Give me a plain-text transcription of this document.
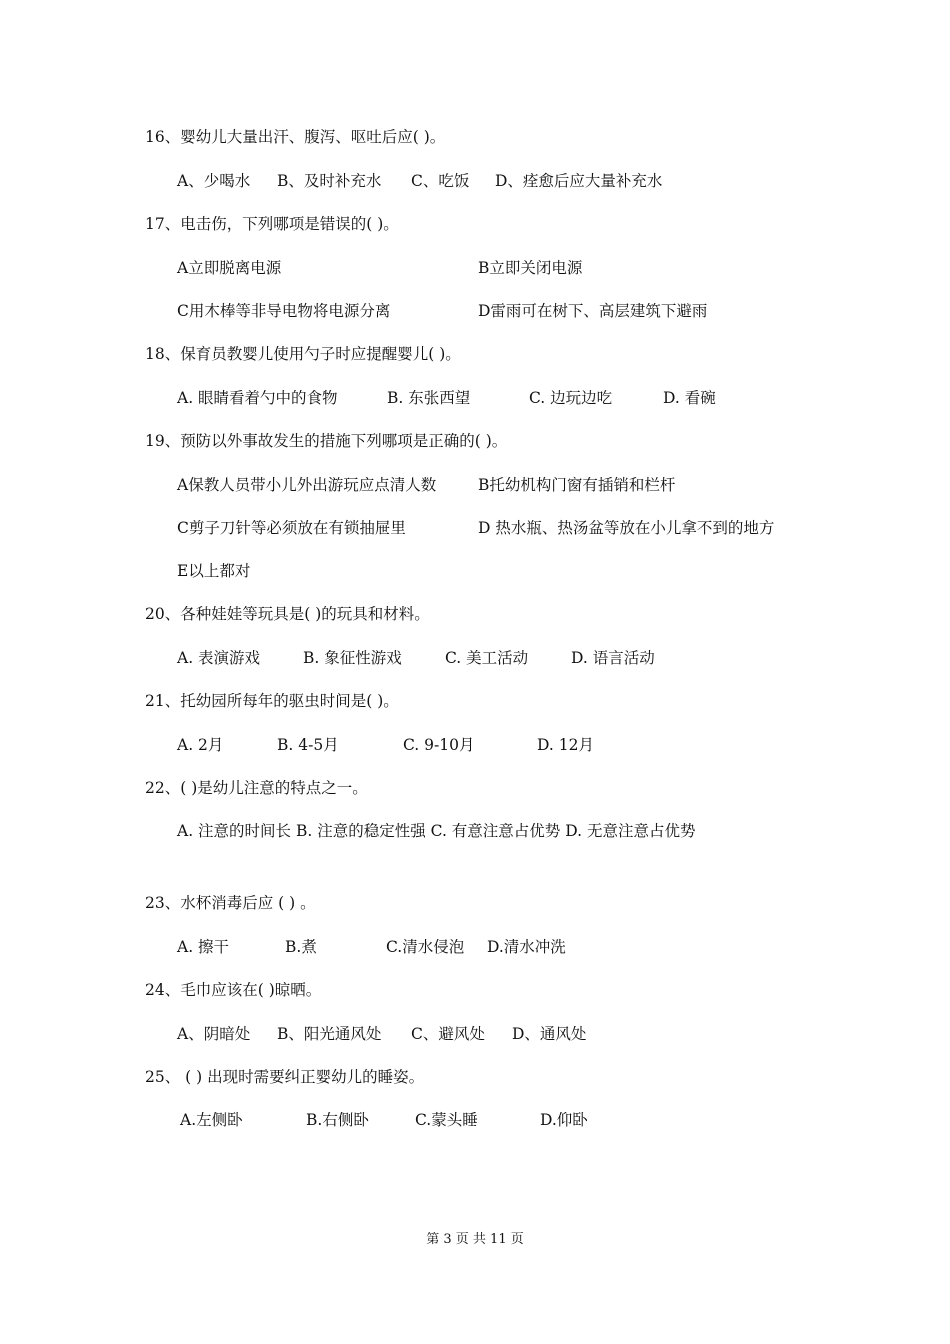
16、婴幼儿大量出汗、腹泻、呕吐后应( )。
A、少喝水 B、及时补充水 C、吃饭 D、痊愈后应大量补充水
17、电击伤，下列哪项是错误的( )。
A立即脱离电源	B立即关闭电源
C用木棒等非导电物将电源分离	D雷雨可在树下、高层建筑下避雨
18、保育员教婴儿使用勺子时应提醒婴儿( )。
A. 眼睛看着勺中的食物	B. 东张西望	C. 边玩边吃	D. 看碗
19、预防以外事故发生的措施下列哪项是正确的( )。
A保教人员带小儿外出游玩应点清人数	B托幼机构门窗有插销和栏杆
C剪子刀针等必须放在有锁抽屉里	D 热水瓶、热汤盆等放在小儿拿不到的地方
E以上都对
20、各种娃娃等玩具是( )的玩具和材料。
A. 表演游戏	B. 象征性游戏	C. 美工活动	D. 语言活动
21、托幼园所每年的驱虫时间是( )。
A. 2月	B. 4-5月	C. 9-10月	D. 12月
22、( )是幼儿注意的特点之一。
A. 注意的时间长 B. 注意的稳定性强 C. 有意注意占优势 D. 无意注意占优势
23、水杯消毒后应 ( ) 。
A. 擦干	B.煮	C.清水侵泡 D.清水冲洗
24、毛巾应该在( )晾晒。
A、阴暗处 B、阳光通风处 C、避风处 D、通风处
25、 ( ) 出现时需要纠正婴幼儿的睡姿。
A.左侧卧	B.右侧卧	C.蒙头睡	D.仰卧
第 3 页 共 11 页
